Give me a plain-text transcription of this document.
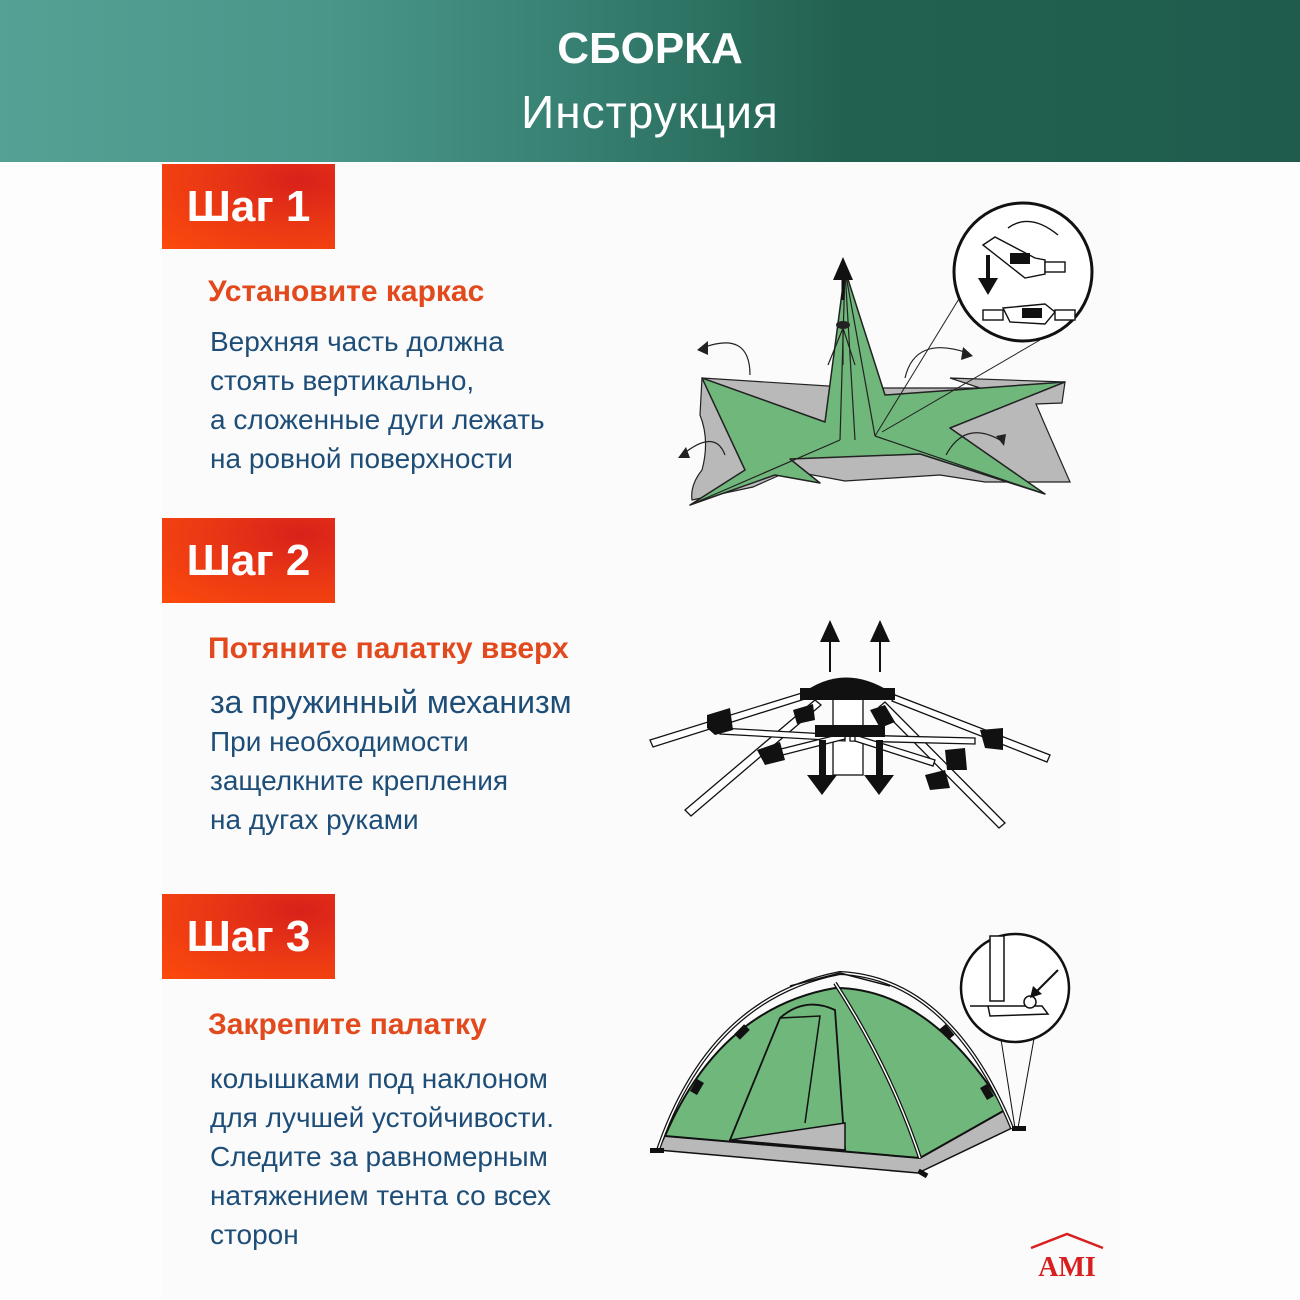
СБОРКА
Инструкция
Шаг 1
Установите каркас
Верхняя часть должна
стоять вертикально,
а сложенные дуги лежать
на ровной поверхности
Шаг 2
Потяните палатку вверх
за пружинный механизм
При необходимости
защелкните крепления
на дугах руками
Шаг 3
Закрепите палатку
колышками под наклоном
для лучшей устойчивости.
Следите за равномерным
натяжением тента со всех
сторон
AMI
